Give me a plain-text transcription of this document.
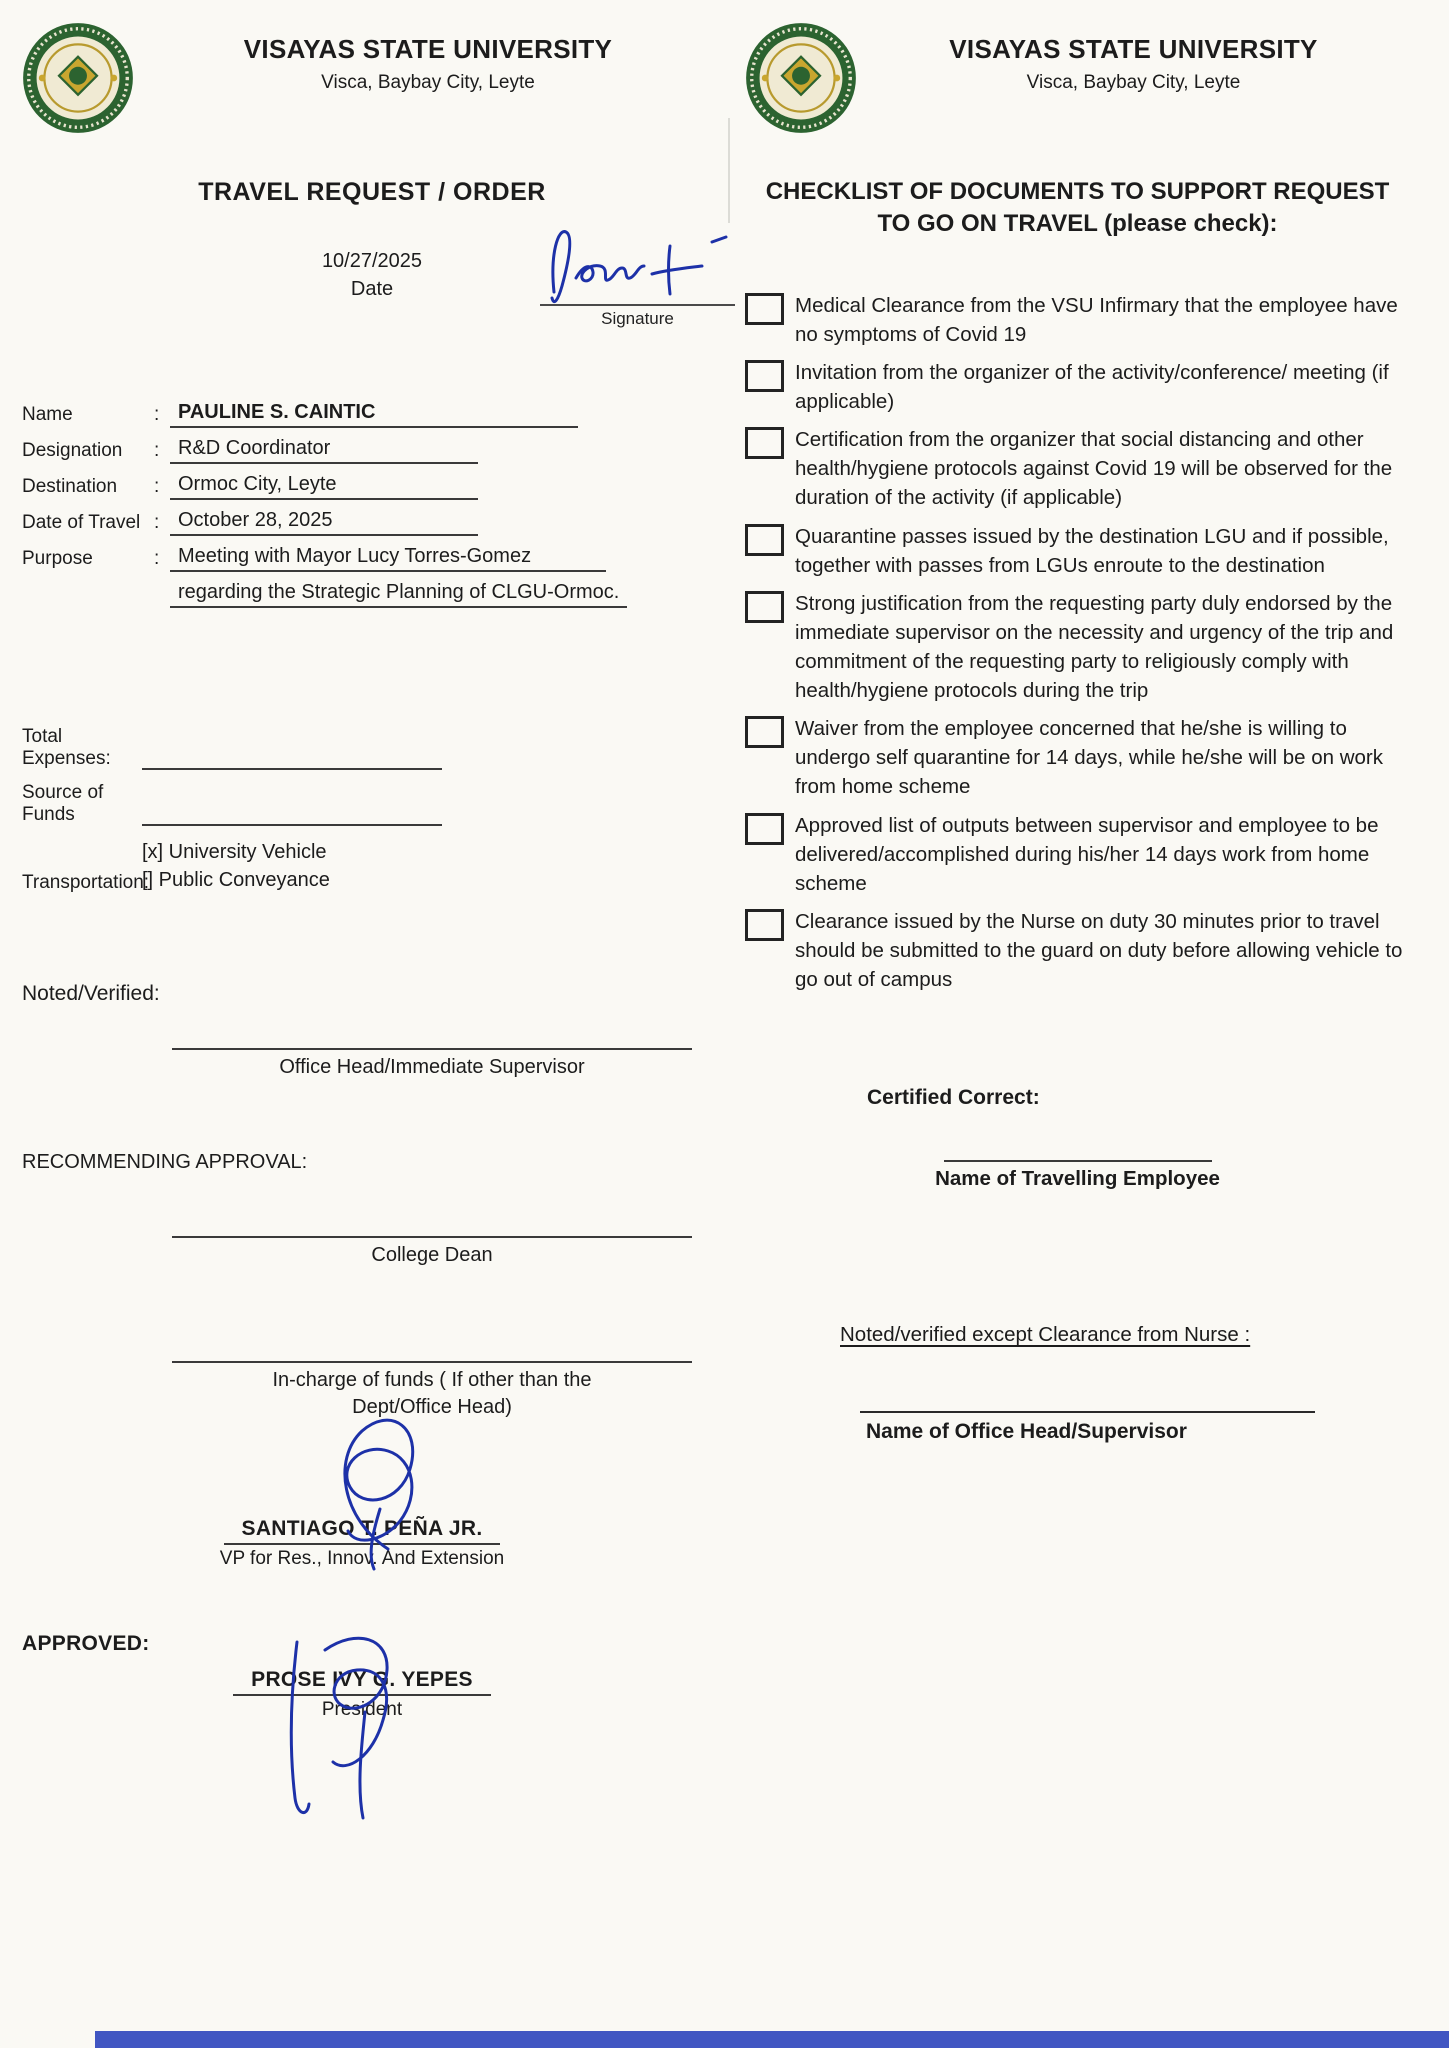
VISAYAS STATE UNIVERSITY
Visca, Baybay City, Leyte
TRAVEL REQUEST / ORDER
10/27/2025
Date
Signature
Name	: PAULINE S. CAINTIC
Designation	: R&D Coordinator
Destination	: Ormoc City, Leyte
Date of Travel : October 28, 2025
Purpose	: Meeting with Mayor Lucy Torres-Gomez
regarding the Strategic Planning of CLGU-Ormoc.
Total Expenses:
Source of Funds
Transportation:
[x] University Vehicle
[] Public Conveyance
Noted/Verified:
Office Head/Immediate Supervisor
RECOMMENDING APPROVAL:
College Dean
In-charge of funds ( If other than the
Dept/Office Head)
SANTIAGO T. PEÑA JR.
VP for Res., Innov. And Extension
APPROVED:
PROSE IVY G. YEPES
President
VISAYAS STATE UNIVERSITY
Visca, Baybay City, Leyte
CHECKLIST OF DOCUMENTS TO SUPPORT REQUEST
TO GO ON TRAVEL (please check):
Medical Clearance from the VSU Infirmary that the employee have no symptoms of Covid 19
Invitation from the organizer of the activity/conference/ meeting (if applicable)
Certification from the organizer that social distancing and other health/hygiene protocols against Covid 19 will be observed for the duration of the activity (if applicable)
Quarantine passes issued by the destination LGU and if possible, together with passes from LGUs enroute to the destination
Strong justification from the requesting party duly endorsed by the immediate supervisor on the necessity and urgency of the trip and commitment of the requesting party to religiously comply with health/hygiene protocols during the trip
Waiver from the employee concerned that he/she is willing to undergo self quarantine for 14 days, while he/she will be on work from home scheme
Approved list of outputs between supervisor and employee to be delivered/accomplished during his/her 14 days work from home scheme
Clearance issued by the Nurse on duty 30 minutes prior to travel should be submitted to the guard on duty before allowing vehicle to go out of campus
Certified Correct:
Name of Travelling Employee
Noted/verified except Clearance from Nurse :
Name of Office Head/Supervisor
